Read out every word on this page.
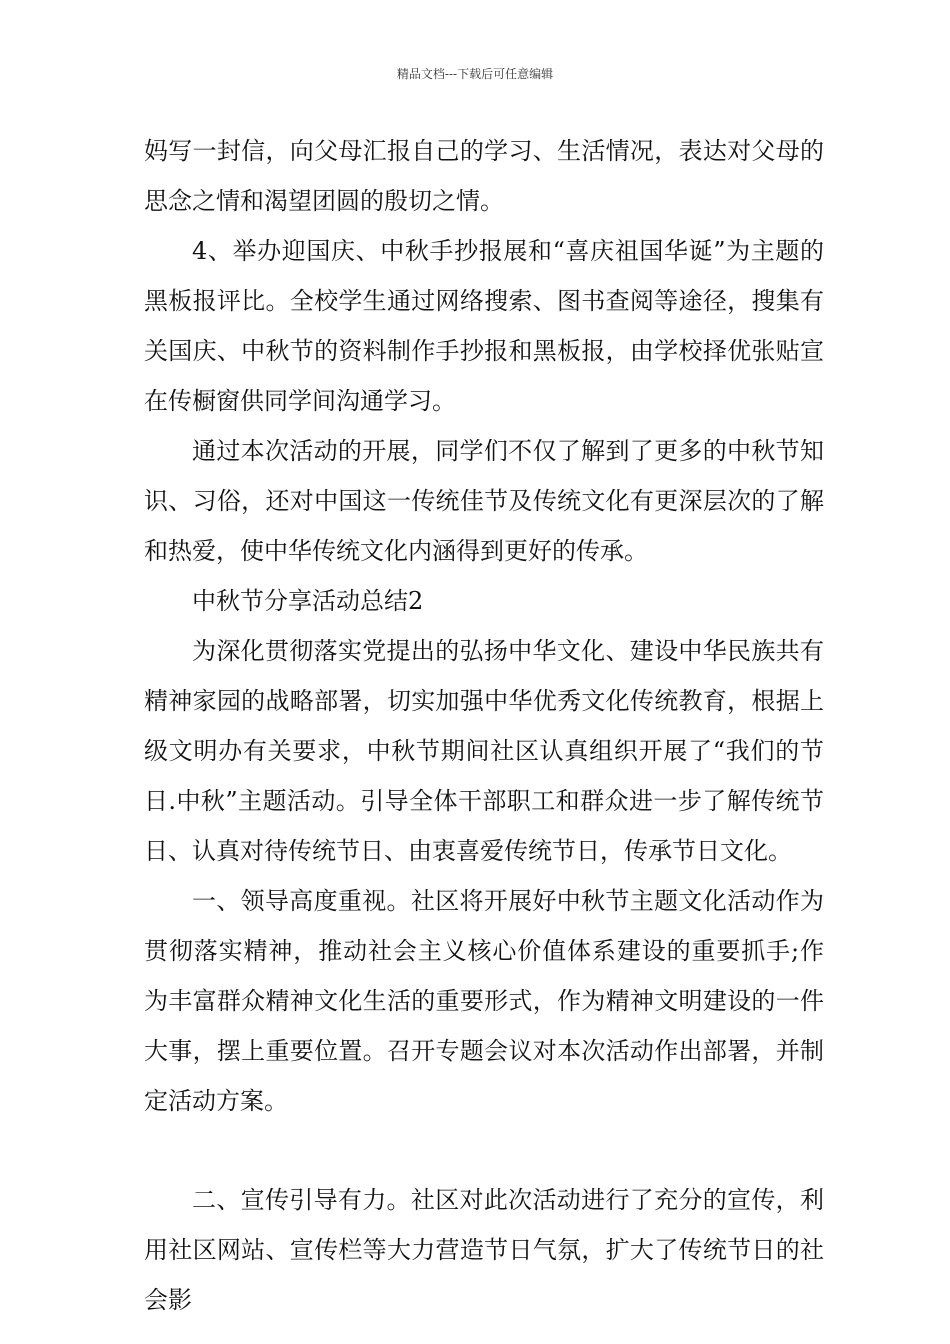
精品文档---下载后可任意编辑

妈写一封信，向父母汇报自己的学习、生活情况，表达对父母的思念之情和渴望团圆的殷切之情。

4、举办迎国庆、中秋手抄报展和“喜庆祖国华诞”为主题的黑板报评比。全校学生通过网络搜索、图书查阅等途径，搜集有关国庆、中秋节的资料制作手抄报和黑板报，由学校择优张贴宣在传橱窗供同学间沟通学习。

通过本次活动的开展，同学们不仅了解到了更多的中秋节知识、习俗，还对中国这一传统佳节及传统文化有更深层次的了解和热爱，使中华传统文化内涵得到更好的传承。

中秋节分享活动总结2

为深化贯彻落实党提出的弘扬中华文化、建设中华民族共有精神家园的战略部署，切实加强中华优秀文化传统教育，根据上级文明办有关要求，中秋节期间社区认真组织开展了“我们的节日.中秋”主题活动。引导全体干部职工和群众进一步了解传统节日、认真对待传统节日、由衷喜爱传统节日，传承节日文化。

一、领导高度重视。社区将开展好中秋节主题文化活动作为贯彻落实精神，推动社会主义核心价值体系建设的重要抓手;作为丰富群众精神文化生活的重要形式，作为精神文明建设的一件大事，摆上重要位置。召开专题会议对本次活动作出部署，并制定活动方案。

二、宣传引导有力。社区对此次活动进行了充分的宣传，利用社区网站、宣传栏等大力营造节日气氛，扩大了传统节日的社会影
